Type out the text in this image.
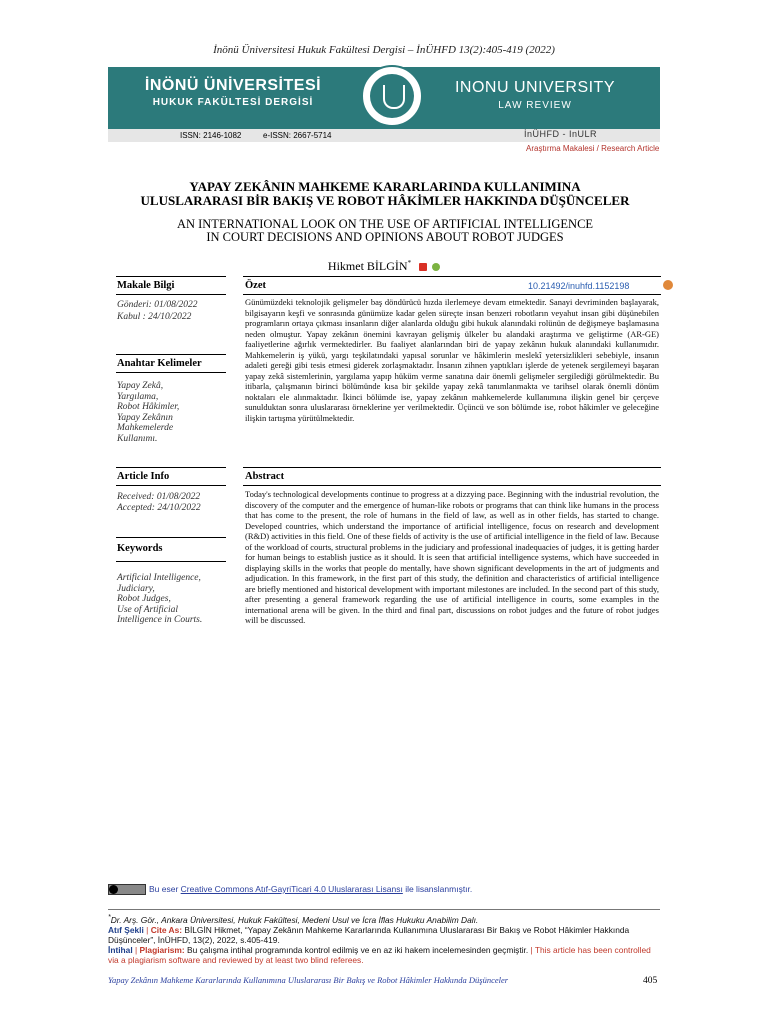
İnönü Üniversitesi Hukuk Fakültesi Dergisi – İnÜHFD 13(2):405-419 (2022)
İNÖNÜ ÜNİVERSİTESİ
HUKUK FAKÜLTESİ DERGİSİ
INONU UNIVERSITY
LAW REVIEW
ISSN: 2146-1082	e-ISSN: 2667-5714	İnÜHFD - InULR
Araştırma Makalesi / Research Article
YAPAY ZEKÂNIN MAHKEME KARARLARINDA KULLANIMINA
ULUSLARARASI BİR BAKIŞ VE ROBOT HÂKİMLER HAKKINDA DÜŞÜNCELER
AN INTERNATIONAL LOOK ON THE USE OF ARTIFICIAL INTELLIGENCE
IN COURT DECISIONS AND OPINIONS ABOUT ROBOT JUDGES
Hikmet BİLGİN*
Makale Bilgi
Gönderi: 01/08/2022
Kabul : 24/10/2022
Anahtar Kelimeler
Yapay Zekâ,
Yargılama,
Robot Hâkimler,
Yapay Zekânın
Mahkemelerde
Kullanımı.
Article Info
Received: 01/08/2022
Accepted: 24/10/2022
Keywords
Artificial Intelligence,
Judiciary,
Robot Judges,
Use of Artificial
Intelligence in Courts.
Özet	10.21492/inuhfd.1152198
Günümüzdeki teknolojik gelişmeler baş döndürücü hızda ilerlemeye devam etmektedir. Sanayi devriminden başlayarak, bilgisayarın keşfi ve sonrasında günümüze kadar gelen süreçte insan benzeri robotların veyahut insan gibi düşünebilen programların ortaya çıkması insanların diğer alanlarda olduğu gibi hukuk alanındaki rolünün de değişmeye başlamasına neden olmuştur. Yapay zekânın önemini kavrayan gelişmiş ülkeler bu alandaki araştırma ve geliştirme (AR-GE) faaliyetlerine ağırlık vermektedirler. Bu faaliyet alanlarından biri de yapay zekânın hukuk alanındaki kullanımıdır. Mahkemelerin iş yükü, yargı teşkilatındaki yapısal sorunlar ve hâkimlerin meslekî yetersizlikleri sebebiyle, insanın adaleti gereği gibi tesis etmesi giderek zorlaşmaktadır. İnsanın zihnen yaptıkları işlerde de yetenek sergilemeyi başaran yapay zekâ sistemlerinin, yargılama yapıp hüküm verme sanatına dair önemli gelişmeler sergilediği görülmektedir. Bu itibarla, çalışmanın birinci bölümünde kısa bir şekilde yapay zekâ tanımlanmakta ve tarihsel olarak önemli dönüm noktaları ele alınmaktadır. İkinci bölümde ise, yapay zekânın mahkemelerde kullanımına ilişkin genel bir çerçeve sunulduktan sonra uluslararası örneklerine yer verilmektedir. Üçüncü ve son bölümde ise, robot hâkimler ve geleceğine ilişkin tartışma yürütülmektedir.
Abstract
Today's technological developments continue to progress at a dizzying pace. Beginning with the industrial revolution, the discovery of the computer and the emergence of human-like robots or programs that can think like humans in the process that has come to the present, the role of humans in the field of law, as well as in other fields, has started to change. Developed countries, which understand the importance of artificial intelligence, focus on research and development (R&D) activities in this field. One of these fields of activity is the use of artificial intelligence in the field of law. Because of the workload of courts, structural problems in the judiciary and professional inadequacies of judges, it is getting harder for human beings to establish justice as it should. It is seen that artificial intelligence systems, which have succeeded in displaying skills in the works that people do mentally, have shown significant developments in the art of judgments and adjudication. In this framework, in the first part of this study, the definition and characteristics of artificial intelligence are briefly mentioned and historical development with important milestones are included. In the second part of this study, after presenting a general framework regarding the use of artificial intelligence in courts, some examples in the international arena will be given. In the third and final part, discussions on robot judges and the future of robot judges will be discussed.
Bu eser Creative Commons Atıf-GayriTicari 4.0 Uluslararası Lisansı ile lisanslanmıştır.
*Dr. Arş. Gör., Ankara Üniversitesi, Hukuk Fakültesi, Medeni Usul ve İcra İflas Hukuku Anabilim Dalı.
Atıf Şekli | Cite As: BİLGİN Hikmet, “Yapay Zekânın Mahkeme Kararlarında Kullanımına Uluslararası Bir Bakış ve Robot Hâkimler Hakkında Düşünceler”, İnÜHFD, 13(2), 2022, s.405-419.
İntihal | Plagiarism: Bu çalışma intihal programında kontrol edilmiş ve en az iki hakem incelemesinden geçmiştir. | This article has been controlled via a plagiarism software and reviewed by at least two blind referees.
Yapay Zekânın Mahkeme Kararlarında Kullanımına Uluslararası Bir Bakış ve Robot Hâkimler Hakkında Düşünceler	405
